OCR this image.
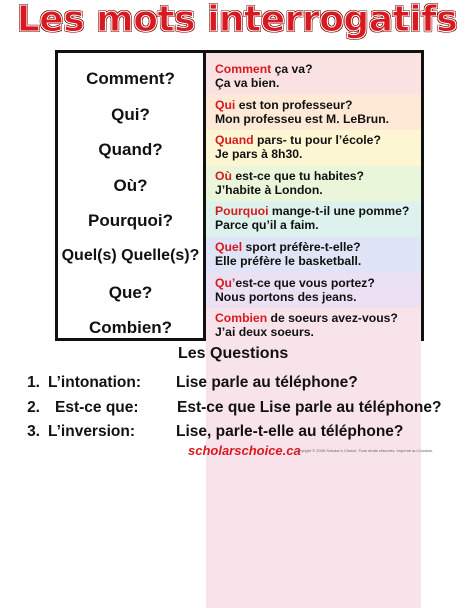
Les mots interrogatifs
Comment?	Comment ça va?
Ça va bien.
Qui?	Qui est ton professeur?
Mon professeu est M. LeBrun.
Quand?	Quand pars- tu pour l’école?
Je pars à 8h30.
Où?	Où est-ce que tu habites?
J’habite à London.
Pourquoi?	Pourquoi mange-t-il une pomme?
Parce qu’il a faim.
Quel(s) Quelle(s)? Quel sport préfère-t-elle?
Elle préfère le basketball.
Que?	Qu’est-ce que vous portez?
Nous portons des jeans.
Combien?	Combien de soeurs avez-vous?
J’ai deux soeurs.
Les Questions
1. L’intonation: Lise parle au téléphone?
2. Est-ce que: Est-ce que Lise parle au téléphone?
3. L’inversion:	Lise, parle-t-elle au téléphone?
scholarschoice.ca
Copyright © 2006 Scholar’s Choice. Tous droits réservés. Imprimé au Canada.
